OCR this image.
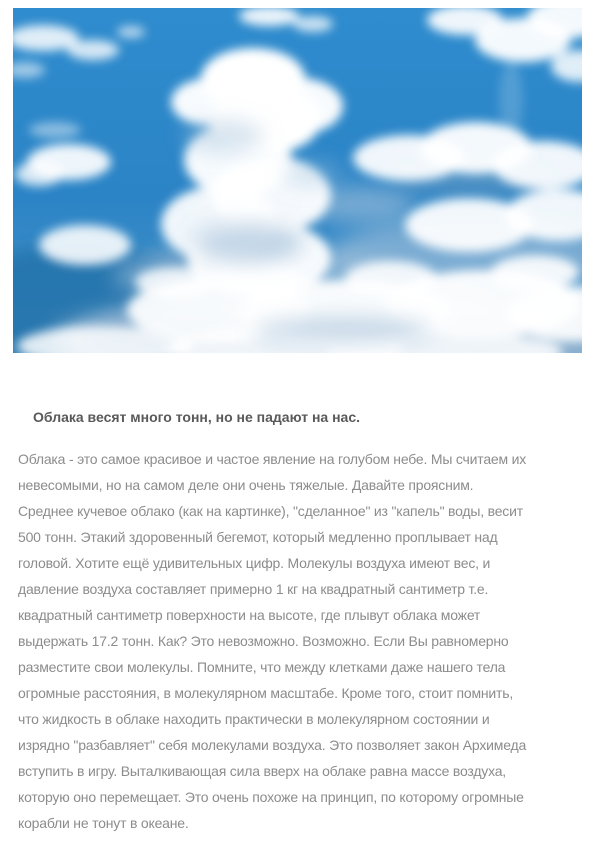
Облака весят много тонн, но не падают на нас.
Облака - это самое красивое и частое явление на голубом небе. Мы считаем их
невесомыми, но на самом деле они очень тяжелые. Давайте проясним.
Среднее кучевое облако (как на картинке), "сделанное" из "капель" воды, весит
500 тонн. Этакий здоровенный бегемот, который медленно проплывает над
головой. Хотите ещё удивительных цифр. Молекулы воздуха имеют вес, и
давление воздуха составляет примерно 1 кг на квадратный сантиметр т.е.
квадратный сантиметр поверхности на высоте, где плывут облака может
выдержать 17.2 тонн. Как? Это невозможно. Возможно. Если Вы равномерно
разместите свои молекулы. Помните, что между клетками даже нашего тела
огромные расстояния, в молекулярном масштабе. Кроме того, стоит помнить,
что жидкость в облаке находить практически в молекулярном состоянии и
изрядно "разбавляет" себя молекулами воздуха. Это позволяет закон Архимеда
вступить в игру. Выталкивающая сила вверх на облаке равна массе воздуха,
которую оно перемещает. Это очень похоже на принцип, по которому огромные
корабли не тонут в океане.
